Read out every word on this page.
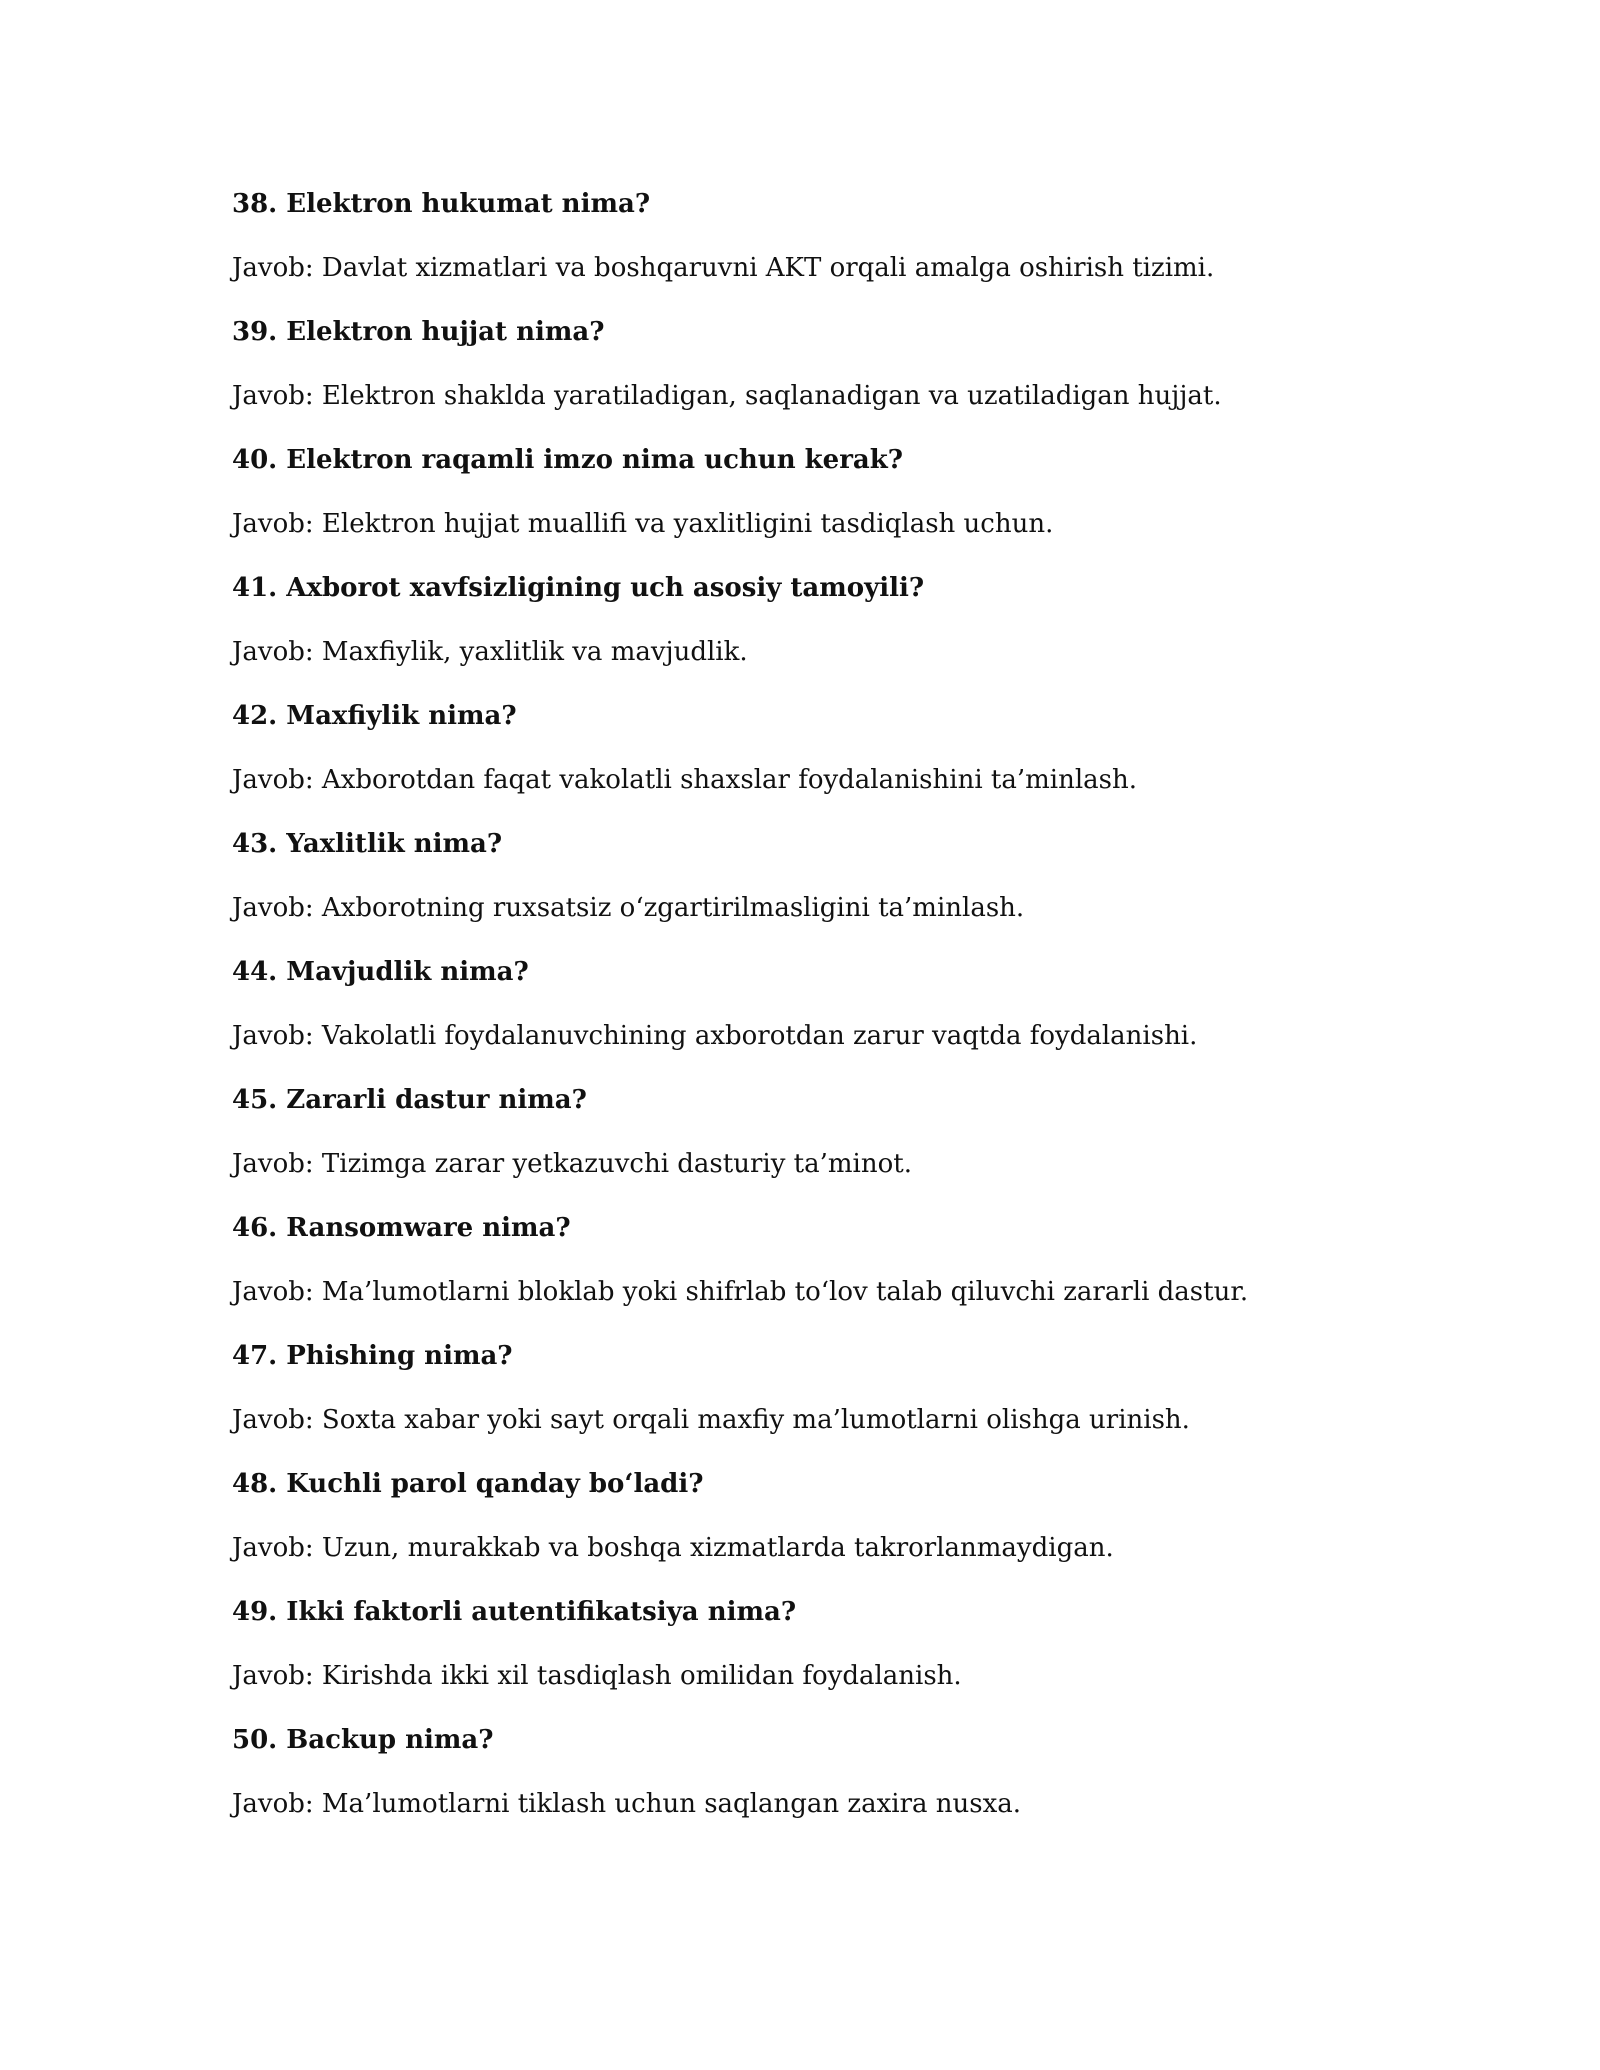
38. Elektron hukumat nima?

Javob: Davlat xizmatlari va boshqaruvni AKT orqali amalga oshirish tizimi.

39. Elektron hujjat nima?

Javob: Elektron shaklda yaratiladigan, saqlanadigan va uzatiladigan hujjat.

40. Elektron raqamli imzo nima uchun kerak?

Javob: Elektron hujjat muallifi va yaxlitligini tasdiqlash uchun.

41. Axborot xavfsizligining uch asosiy tamoyili?

Javob: Maxfiylik, yaxlitlik va mavjudlik.

42. Maxfiylik nima?

Javob: Axborotdan faqat vakolatli shaxslar foydalanishini ta’minlash.

43. Yaxlitlik nima?

Javob: Axborotning ruxsatsiz oʻzgartirilmasligini ta’minlash.

44. Mavjudlik nima?

Javob: Vakolatli foydalanuvchining axborotdan zarur vaqtda foydalanishi.

45. Zararli dastur nima?

Javob: Tizimga zarar yetkazuvchi dasturiy ta’minot.

46. Ransomware nima?

Javob: Ma’lumotlarni bloklab yoki shifrlab toʻlov talab qiluvchi zararli dastur.

47. Phishing nima?

Javob: Soxta xabar yoki sayt orqali maxfiy ma’lumotlarni olishga urinish.

48. Kuchli parol qanday boʻladi?

Javob: Uzun, murakkab va boshqa xizmatlarda takrorlanmaydigan.

49. Ikki faktorli autentifikatsiya nima?

Javob: Kirishda ikki xil tasdiqlash omilidan foydalanish.

50. Backup nima?

Javob: Ma’lumotlarni tiklash uchun saqlangan zaxira nusxa.
